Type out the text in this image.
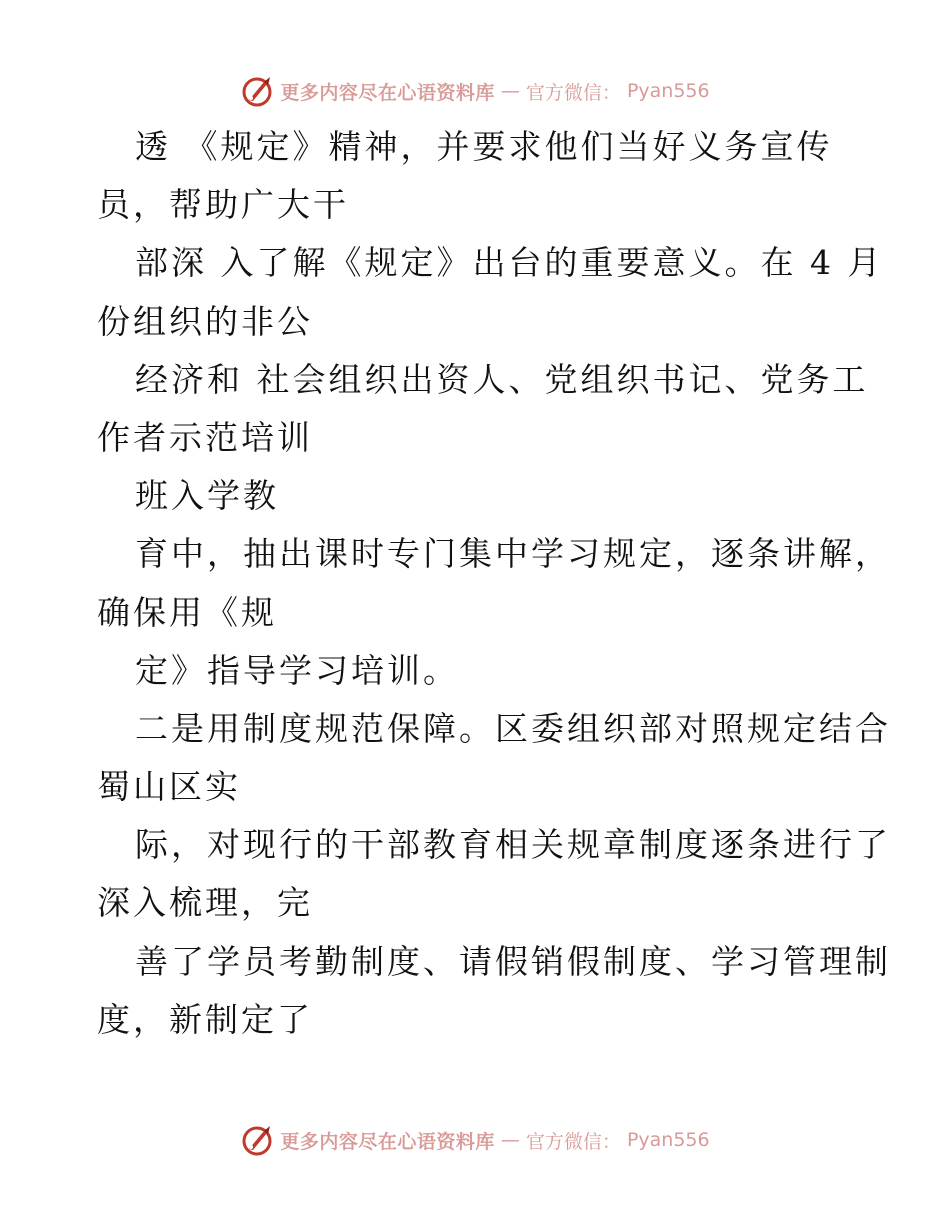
更多内容尽在心语资料库 — 官方微信： Pyan556
透 《规定》精神，并要求他们当好义务宣传
员，帮助广大干
部深 入了解《规定》出台的重要意义。在 4 月
份组织的非公
经济和 社会组织出资人、党组织书记、党务工
作者示范培训
班入学教
育中，抽出课时专门集中学习规定，逐条讲解，
确保用《规
定》指导学习培训。
二是用制度规范保障。区委组织部对照规定结合
蜀山区实
际，对现行的干部教育相关规章制度逐条进行了
深入梳理，完
善了学员考勤制度、请假销假制度、学习管理制
度，新制定了
更多内容尽在心语资料库 — 官方微信： Pyan556
